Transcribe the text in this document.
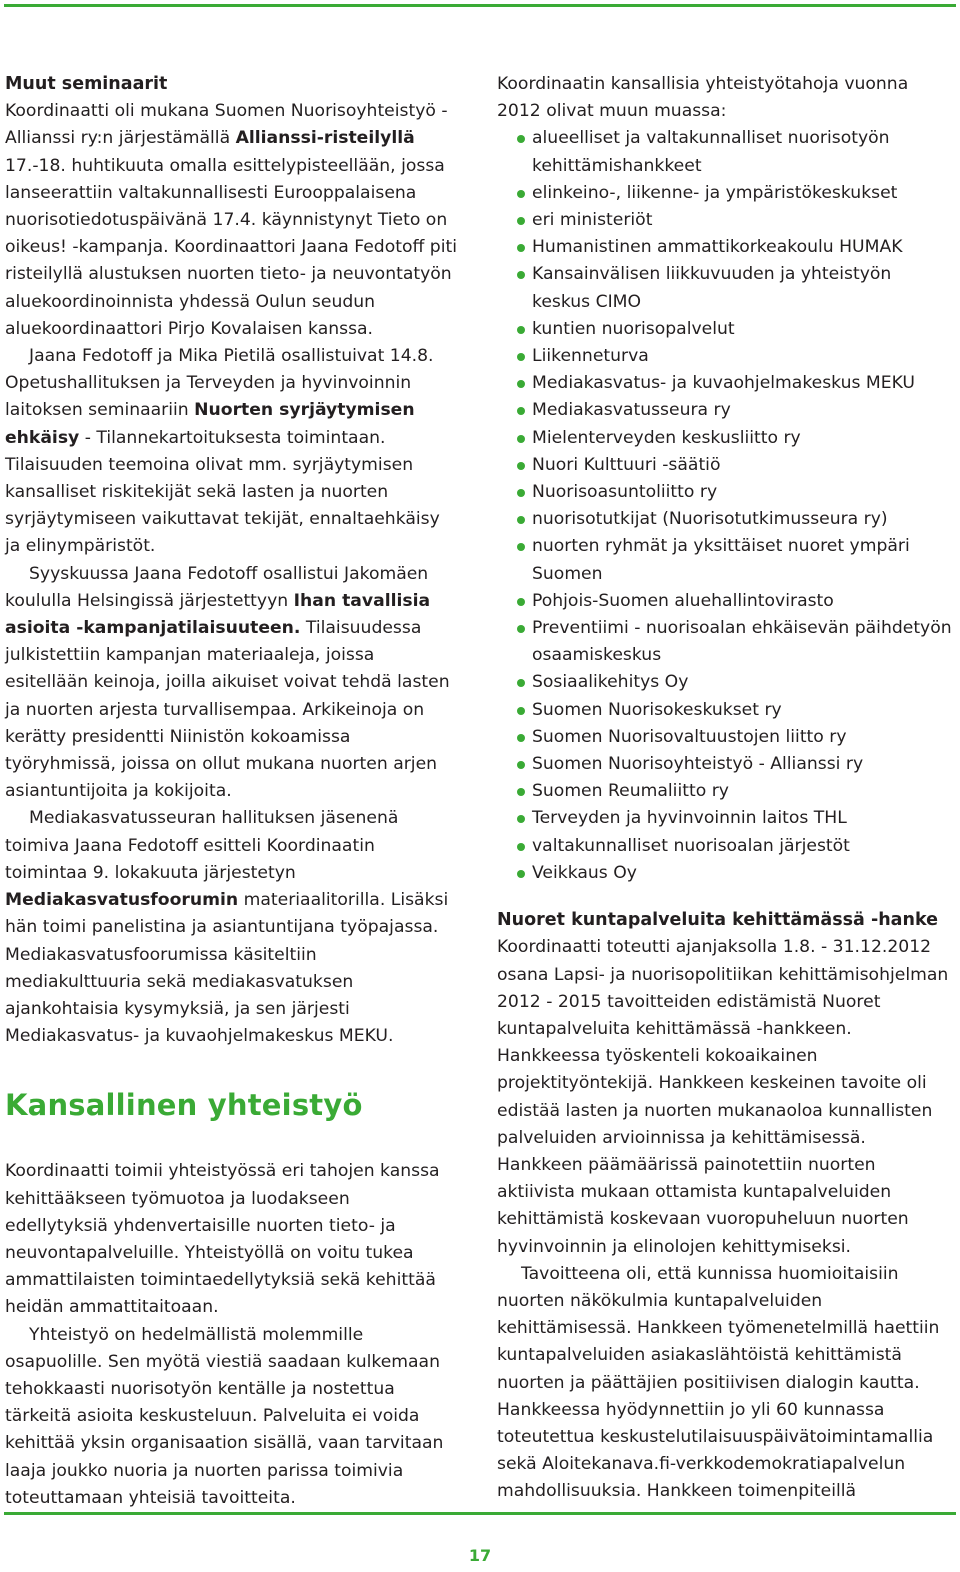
Muut seminaarit

Koordinaatti oli mukana Suomen Nuorisoyhteistyö - Allianssi ry:n järjestämällä Allianssi-risteilyllä 17.-18. huhtikuuta omalla esittelypisteellään, jossa lanseerattiin valtakunnallisesti Eurooppalaisena nuorisotiedotuspäivänä 17.4. käynnistynyt Tieto on oikeus! -kampanja. Koordinaattori Jaana Fedotoff piti risteilyllä alustuksen nuorten tieto- ja neuvontatyön aluekoordinoinnista yhdessä Oulun seudun aluekoordinaattori Pirjo Kovalaisen kanssa.

Jaana Fedotoff ja Mika Pietilä osallistuivat 14.8. Opetushallituksen ja Terveyden ja hyvinvoinnin laitoksen seminaariin Nuorten syrjäytymisen ehkäisy - Tilannekartoituksesta toimintaan. Tilaisuuden teemoina olivat mm. syrjäytymisen kansalliset riskitekijät sekä lasten ja nuorten syrjäytymiseen vaikuttavat tekijät, ennaltaehkäisy ja elinympäristöt.

Syyskuussa Jaana Fedotoff osallistui Jakomäen koululla Helsingissä järjestettyyn Ihan tavallisia asioita -kampanjatilaisuuteen. Tilaisuudessa julkistettiin kampanjan materiaaleja, joissa esitellään keinoja, joilla aikuiset voivat tehdä lasten ja nuorten arjesta turvallisempaa. Arkikeinoja on kerätty presidentti Niinistön kokoamissa työryhmissä, joissa on ollut mukana nuorten arjen asiantuntijoita ja kokijoita.

Mediakasvatusseuran hallituksen jäsenenä toimiva Jaana Fedotoff esitteli Koordinaatin toimintaa 9. lokakuuta järjestetyn Mediakasvatusfoorumin materiaalitorilla. Lisäksi hän toimi panelistina ja asiantuntijana työpajassa. Mediakasvatusfoorumissa käsiteltiin mediakulttuuria sekä mediakasvatuksen ajankohtaisia kysymyksiä, ja sen järjesti Mediakasvatus- ja kuvaohjelmakeskus MEKU.

Kansallinen yhteistyö

Koordinaatti toimii yhteistyössä eri tahojen kanssa kehittääkseen työmuotoa ja luodakseen edellytyksiä yhdenvertaisille nuorten tieto- ja neuvontapalveluille. Yhteistyöllä on voitu tukea ammattilaisten toimintaedellytyksiä sekä kehittää heidän ammattitaitoaan.

Yhteistyö on hedelmällistä molemmille osapuolille. Sen myötä viestiä saadaan kulkemaan tehokkaasti nuorisotyön kentälle ja nostettua tärkeitä asioita keskusteluun. Palveluita ei voida kehittää yksin organisaation sisällä, vaan tarvitaan laaja joukko nuoria ja nuorten parissa toimivia toteuttamaan yhteisiä tavoitteita.

Koordinaatin kansallisia yhteistyötahoja vuonna 2012 olivat muun muassa:

alueelliset ja valtakunnalliset nuorisotyön kehittämishankkeet
elinkeino-, liikenne- ja ympäristökeskukset
eri ministeriöt
Humanistinen ammattikorkeakoulu HUMAK
Kansainvälisen liikkuvuuden ja yhteistyön keskus CIMO
kuntien nuorisopalvelut
Liikenneturva
Mediakasvatus- ja kuvaohjelmakeskus MEKU
Mediakasvatusseura ry
Mielenterveyden keskusliitto ry
Nuori Kulttuuri -säätiö
Nuorisoasuntoliitto ry
nuorisotutkijat (Nuorisotutkimusseura ry)
nuorten ryhmät ja yksittäiset nuoret ympäri Suomen
Pohjois-Suomen aluehallintovirasto
Preventiimi - nuorisoalan ehkäisevän päihdetyön osaamiskeskus
Sosiaalikehitys Oy
Suomen Nuorisokeskukset ry
Suomen Nuorisovaltuustojen liitto ry
Suomen Nuorisoyhteistyö - Allianssi ry
Suomen Reumaliitto ry
Terveyden ja hyvinvoinnin laitos THL
valtakunnalliset nuorisoalan järjestöt
Veikkaus Oy
Nuoret kuntapalveluita kehittämässä -hanke

Koordinaatti toteutti ajanjaksolla 1.8. - 31.12.2012 osana Lapsi- ja nuorisopolitiikan kehittämisohjelman 2012 - 2015 tavoitteiden edistämistä Nuoret kuntapalveluita kehittämässä -hankkeen. Hankkeessa työskenteli kokoaikainen projektityöntekijä. Hankkeen keskeinen tavoite oli edistää lasten ja nuorten mukanaoloa kunnallisten palveluiden arvioinnissa ja kehittämisessä. Hankkeen päämäärissä painotettiin nuorten aktiivista mukaan ottamista kuntapalveluiden kehittämistä koskevaan vuoropuheluun nuorten hyvinvoinnin ja elinolojen kehittymiseksi.

Tavoitteena oli, että kunnissa huomioitaisiin nuorten näkökulmia kuntapalveluiden kehittämisessä. Hankkeen työmenetelmillä haettiin kuntapalveluiden asiakaslähtöistä kehittämistä nuorten ja päättäjien positiivisen dialogin kautta. Hankkeessa hyödynnettiin jo yli 60 kunnassa toteutettua keskustelutilaisuuspäivätoimintamallia sekä Aloitekanava.fi-verkkodemokratiapalvelun mahdollisuuksia. Hankkeen toimenpiteillä

17
